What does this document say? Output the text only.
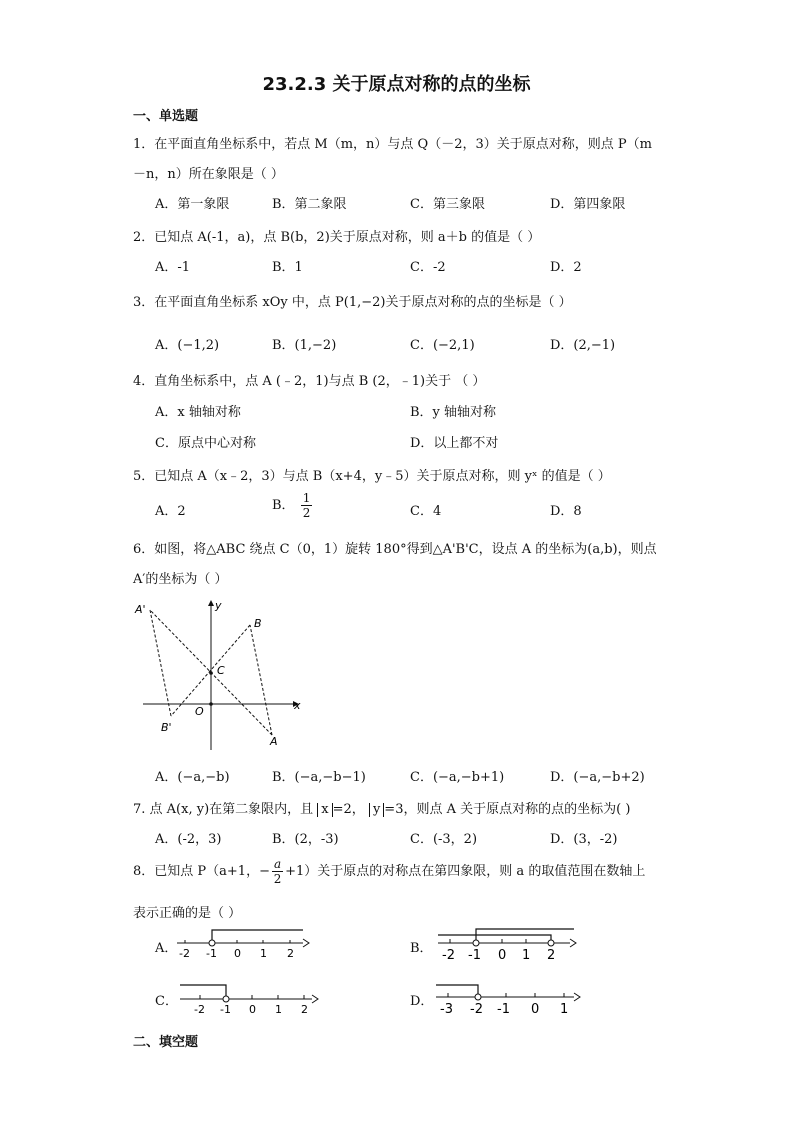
23.2.3 关于原点对称的点的坐标
一、单选题
1．在平面直角坐标系中，若点 M（m，n）与点 Q（－2，3）关于原点对称，则点 P（m
－n，n）所在象限是（ ）
A．第一象限	B．第二象限	C．第三象限	D．第四象限
2．已知点 A(-1，a)，点 B(b，2)关于原点对称，则 a＋b 的值是（ ）
A．-1	B．1	C．-2	D．2
3．在平面直角坐标系 xOy 中，点 P(1,−2)关于原点对称的点的坐标是（ ）
A．(−1,2)	B．(1,−2)	C．(−2,1)	D．(2,−1)
4．直角坐标系中，点 A (﹣2，1)与点 B (2，﹣1)关于 （ ）
A．x 轴轴对称	B．y 轴轴对称
C．原点中心对称	D．以上都不对
5．已知点 A（x﹣2，3）与点 B（x+4，y﹣5）关于原点对称，则 yˣ 的值是（ ）
A．2	B． $\frac{1}{2}$	C．4	D．8
6．如图，将△ABC 绕点 C（0，1）旋转 180°得到△A'B'C，设点 A 的坐标为(a,b)，则点
A′的坐标为（ ）
A'
B
C
O
B'
A
x
y
A．(−a,−b)	B．(−a,−b−1)	C．(−a,−b+1)	D．(−a,−b+2)
7. 点 A(x, y)在第二象限内，且 x =2， y =3，则点 A 关于原点对称的点的坐标为( )
A．(-2，3)	B．(2，-3)	C．(-3，2)	D．(3，-2)
8．已知点 P（a+1，− $\frac{a}{2} +1$）关于原点的对称点在第四象限，则 a 的取值范围在数轴上
表示正确的是（ ）
A． -2 -1 0 1 2	B． -2 -1 0 1 2
C．
-2 -1 0 1 2
D．
-3 -2 -1 0 1
二、填空题
